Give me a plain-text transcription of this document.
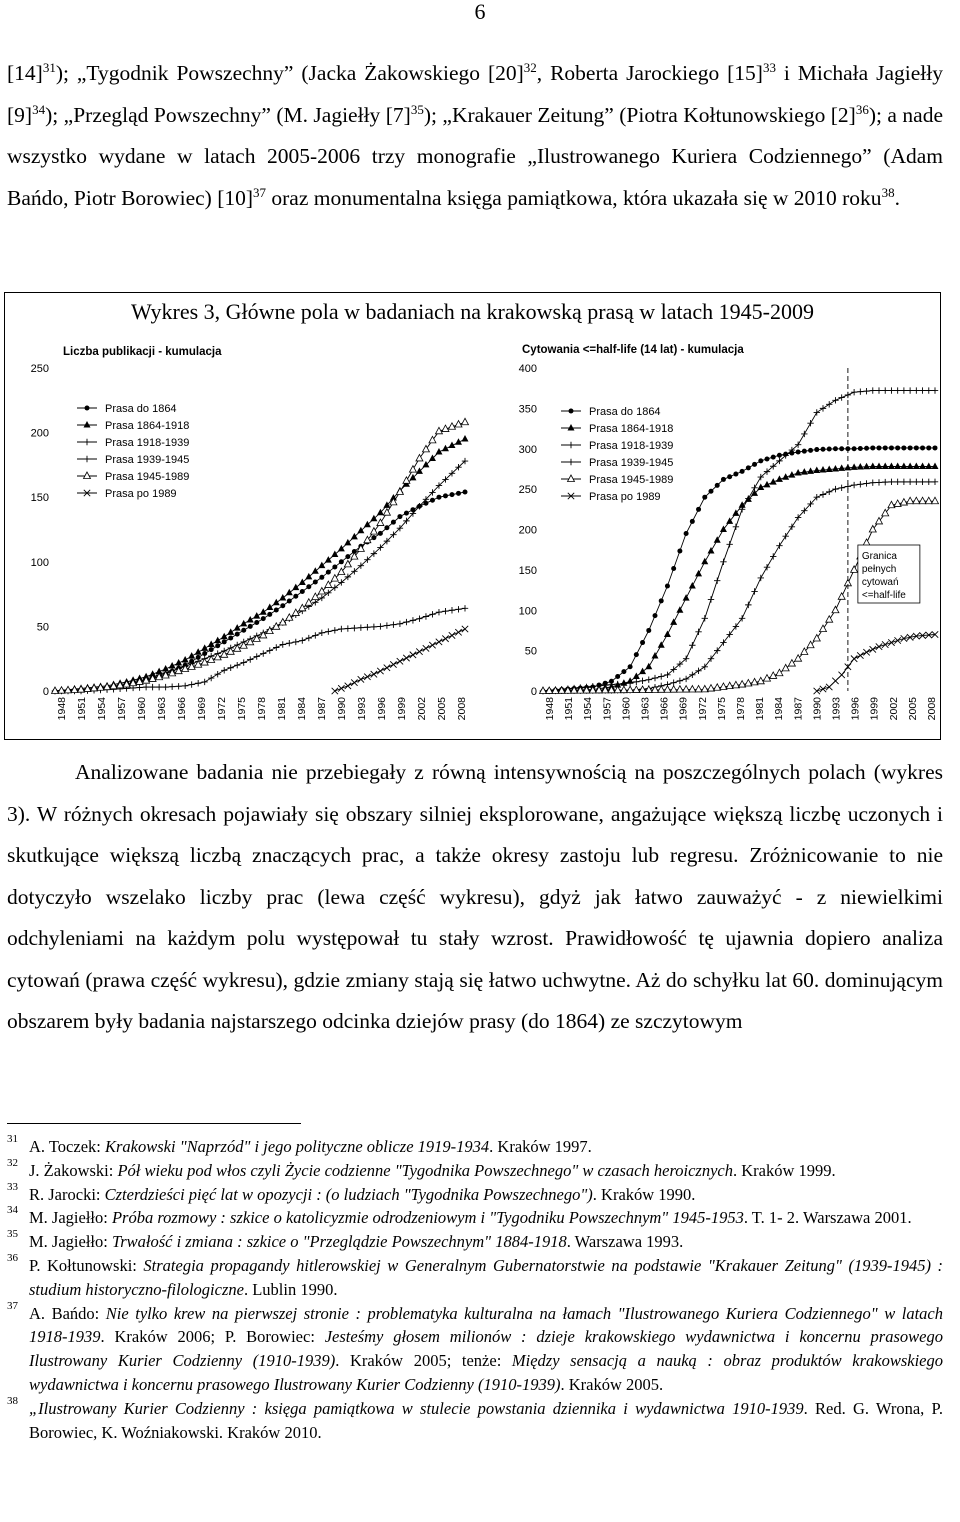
6

$[14]^{31}$); „Tygodnik Powszechny” (Jacka Żakowskiego $[20]^{32}$, Roberta Jarockiego $[15]^{33}$ i Michała Jagiełły $[9]^{34}$); „Przegląd Powszechny” (M. Jagiełły $[7]^{35}$); „Krakauer Zeitung” (Piotra Kołtunowskiego $[2]^{36}$); a nade wszystko wydane w latach 2005-2006 trzy monografie „Ilustrowanego Kuriera Codziennego” (Adam Bańdo, Piotr Borowiec) $[10]^{37}$ oraz monumentalna księga pamiątkowa, która ukazała się w 2010 roku$^{38}$.

Wykres 3, Główne pola w badaniach na krakowską prasą w latach 1945-2009
Liczba publikacji - kumulacja
0
50
100
150
200
250
1948 1951 1954 1957 1960 1963 1966 1969 1972 1975 1978 1981 1984 1987 1990 1993 1996 1999 2002 2005 2008
Prasa do 1864
Prasa 1864-1918
Prasa 1918-1939
Prasa 1939-1945
Prasa 1945-1989
Prasa po 1989
Cytowania <=half-life (14 lat) - kumulacja
0
50
100
150
200
250
300
350
400
1948 1951 1954 1957 1960 1963 1966 1969 1972 1975 1978 1981 1984 1987 1990 1993 1996 1999 2002 2005 2008
Prasa do 1864
Prasa 1864-1918
Prasa 1918-1939
Prasa 1939-1945
Prasa 1945-1989
Prasa po 1989
Granica
pełnych
cytowań
<=half-life

Analizowane badania nie przebiegały z równą intensywnością na poszczególnych polach (wykres 3). W różnych okresach pojawiały się obszary silniej eksplorowane, angażujące większą liczbę uczonych i skutkujące większą liczbą znaczących prac, a także okresy zastoju lub regresu. Zróżnicowanie to nie dotyczyło wszelako liczby prac (lewa część wykresu), gdyż jak łatwo zauważyć - z niewielkimi odchyleniami na każdym polu występował tu stały wzrost. Prawidłowość tę ujawnia dopiero analiza cytowań (prawa część wykresu), gdzie zmiany stają się łatwo uchwytne. Aż do schyłku lat 60. dominującym obszarem były badania najstarszego odcinka dziejów prasy (do 1864) ze szczytowym

31 A. Toczek: Krakowski "Naprzód" i jego polityczne oblicze 1919-1934. Kraków 1997.

32 J. Żakowski: Pół wieku pod włos czyli Życie codzienne "Tygodnika Powszechnego" w czasach heroicznych. Kraków 1999.

33 R. Jarocki: Czterdzieści pięć lat w opozycji : (o ludziach "Tygodnika Powszechnego"). Kraków 1990.

34 M. Jagiełło: Próba rozmowy : szkice o katolicyzmie odrodzeniowym i "Tygodniku Powszechnym" 1945-1953. T. 1- 2. Warszawa 2001.

35 M. Jagiełło: Trwałość i zmiana : szkice o "Przeglądzie Powszechnym" 1884-1918. Warszawa 1993.

36 P. Kołtunowski: Strategia propagandy hitlerowskiej w Generalnym Gubernatorstwie na podstawie "Krakauer Zeitung" (1939-1945) : studium historyczno-filologiczne. Lublin 1990.

37 A. Bańdo: Nie tylko krew na pierwszej stronie : problematyka kulturalna na łamach "Ilustrowanego Kuriera Codziennego" w latach 1918-1939. Kraków 2006; P. Borowiec: Jesteśmy głosem milionów : dzieje krakowskiego wydawnictwa i koncernu prasowego Ilustrowany Kurier Codzienny (1910-1939). Kraków 2005; tenże: Między sensacją a nauką : obraz produktów krakowskiego wydawnictwa i koncernu prasowego Ilustrowany Kurier Codzienny (1910-1939). Kraków 2005.

38 „Ilustrowany Kurier Codzienny : księga pamiątkowa w stulecie powstania dziennika i wydawnictwa 1910-1939. Red. G. Wrona, P. Borowiec, K. Woźniakowski. Kraków 2010.
